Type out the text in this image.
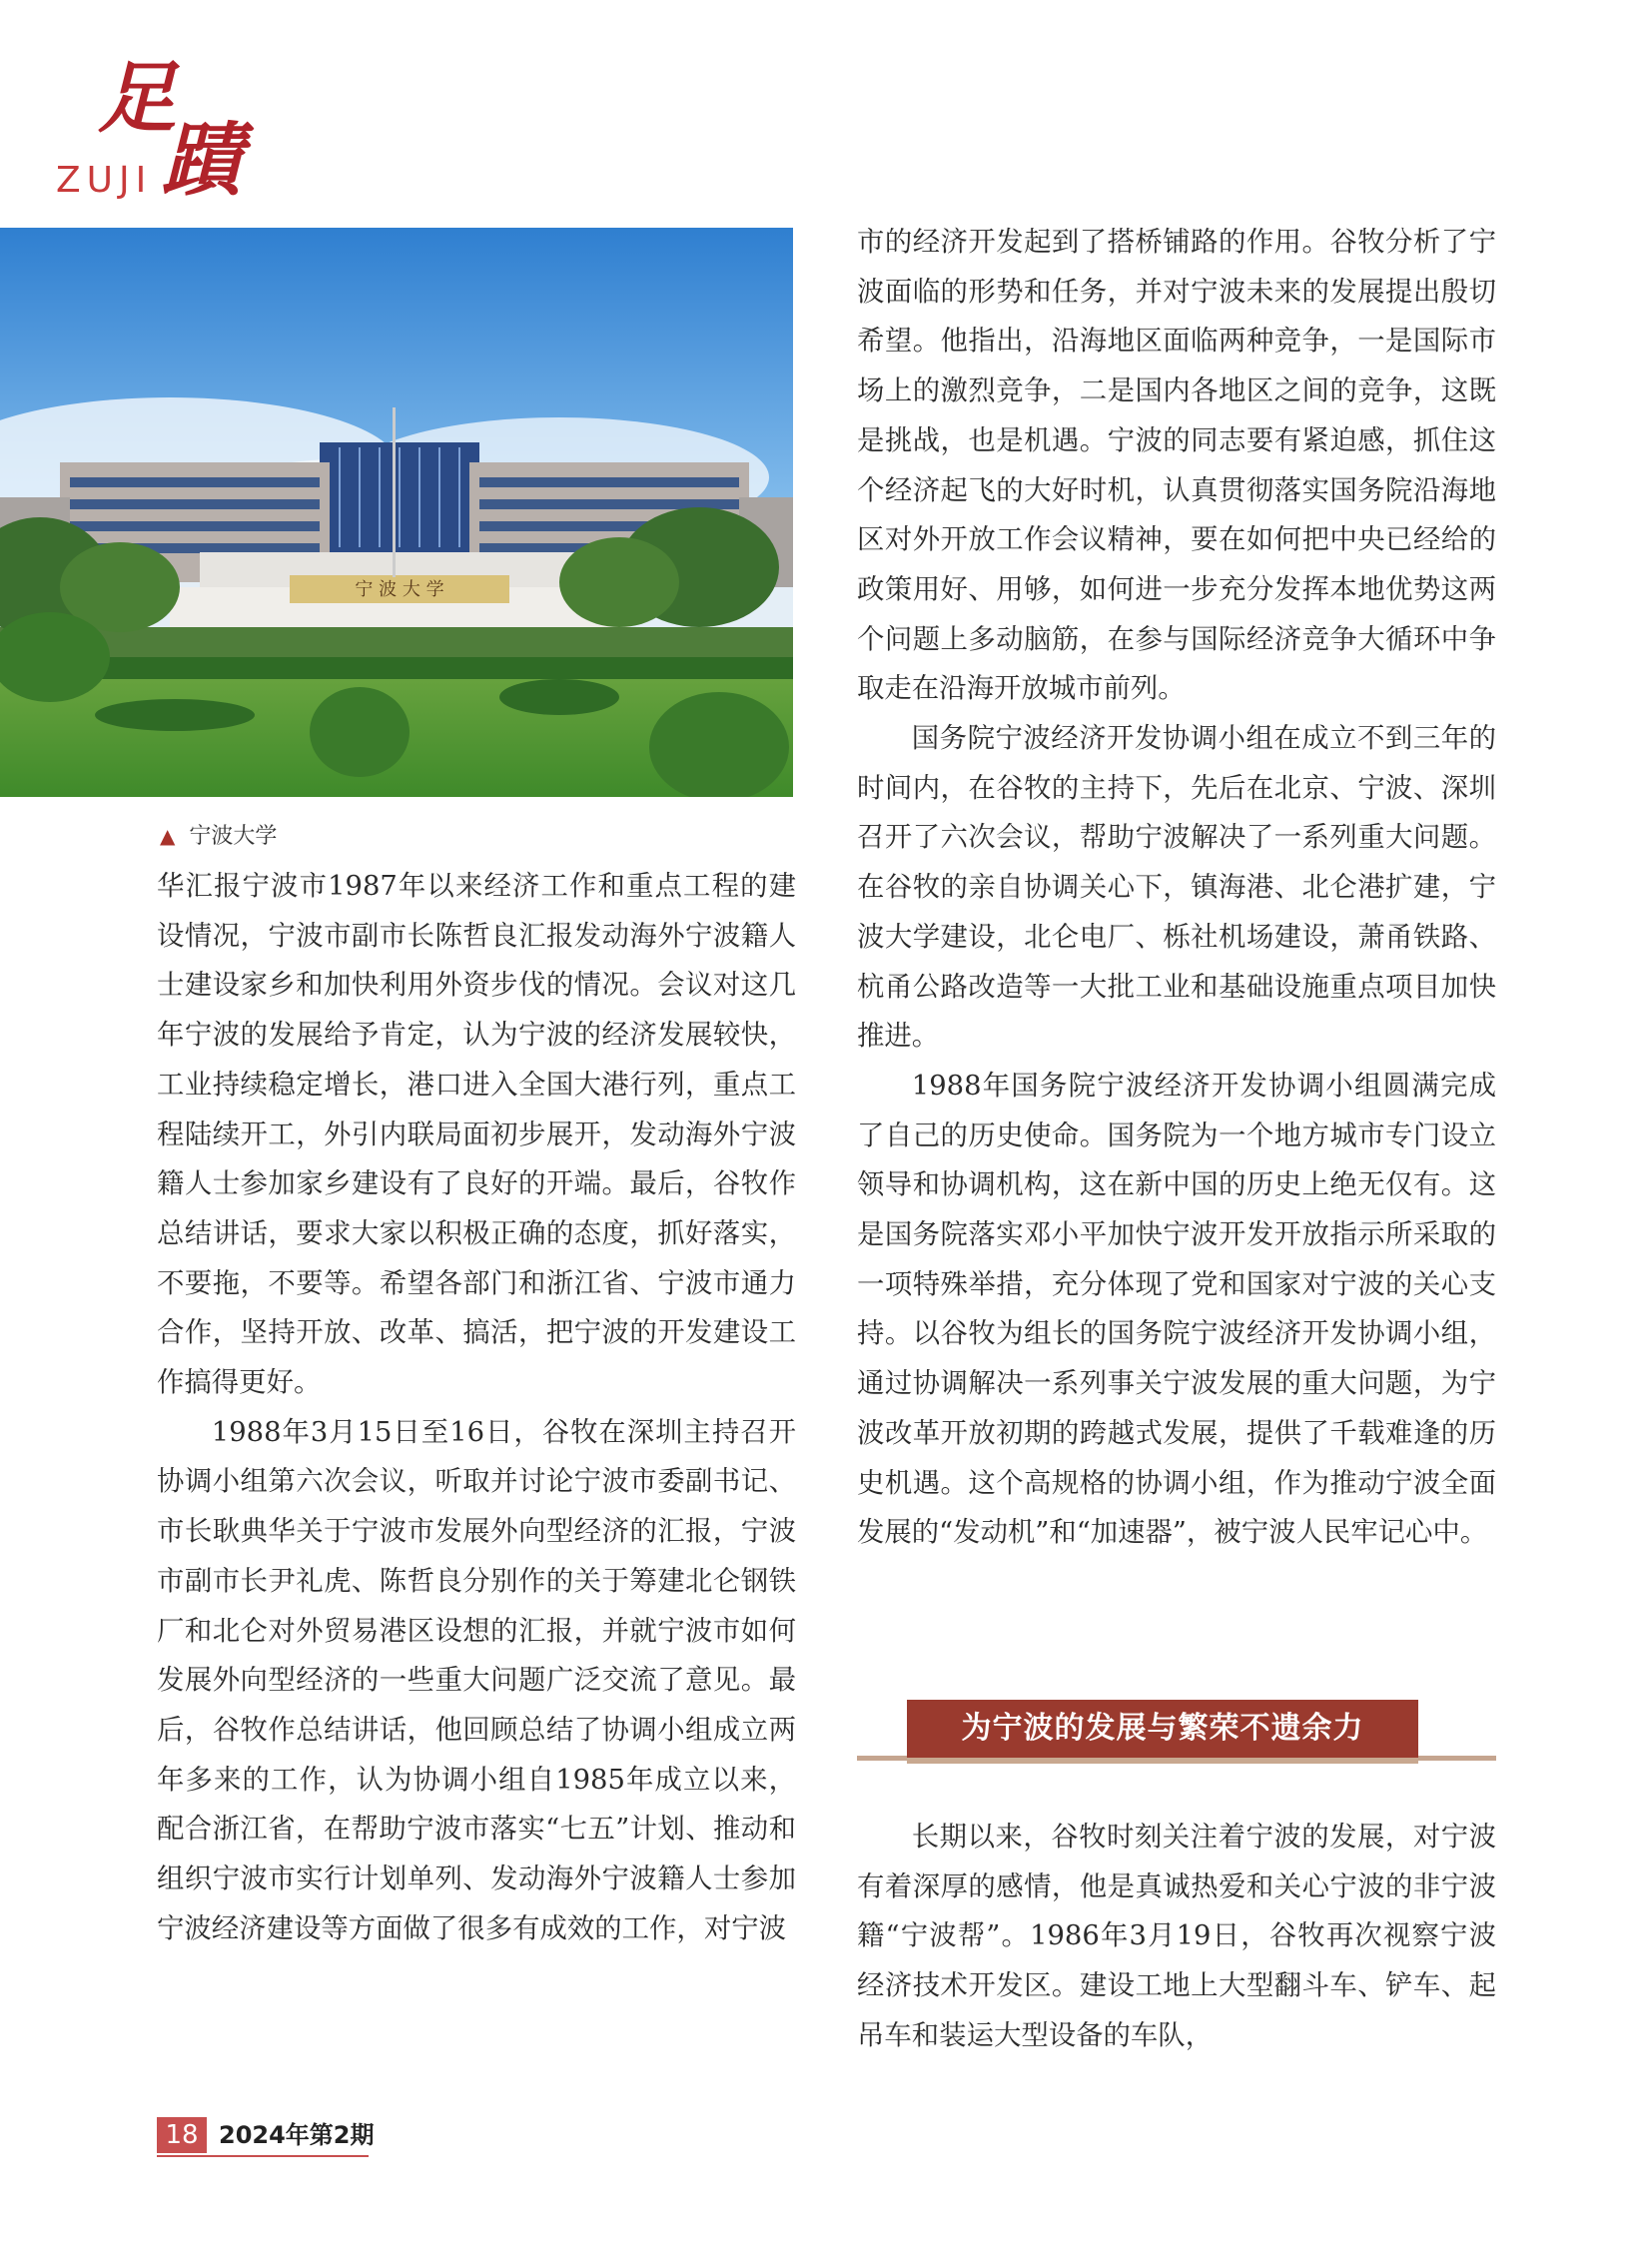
足
蹟
ZUJI
宁 波 大 学
▲ 宁波大学

华汇报宁波市1987年以来经济工作和重点工程的建设情况，宁波市副市长陈哲良汇报发动海外宁波籍人士建设家乡和加快利用外资步伐的情况。会议对这几年宁波的发展给予肯定，认为宁波的经济发展较快，工业持续稳定增长，港口进入全国大港行列，重点工程陆续开工，外引内联局面初步展开，发动海外宁波籍人士参加家乡建设有了良好的开端。最后，谷牧作总结讲话，要求大家以积极正确的态度，抓好落实，不要拖，不要等。希望各部门和浙江省、宁波市通力合作，坚持开放、改革、搞活，把宁波的开发建设工作搞得更好。

1988年3月15日至16日，谷牧在深圳主持召开协调小组第六次会议，听取并讨论宁波市委副书记、市长耿典华关于宁波市发展外向型经济的汇报，宁波市副市长尹礼虎、陈哲良分别作的关于筹建北仑钢铁厂和北仑对外贸易港区设想的汇报，并就宁波市如何发展外向型经济的一些重大问题广泛交流了意见。最后，谷牧作总结讲话，他回顾总结了协调小组成立两年多来的工作，认为协调小组自1985年成立以来，配合浙江省，在帮助宁波市落实“七五”计划、推动和组织宁波市实行计划单列、发动海外宁波籍人士参加宁波经济建设等方面做了很多有成效的工作，对宁波

市的经济开发起到了搭桥铺路的作用。谷牧分析了宁波面临的形势和任务，并对宁波未来的发展提出殷切希望。他指出，沿海地区面临两种竞争，一是国际市场上的激烈竞争，二是国内各地区之间的竞争，这既是挑战，也是机遇。宁波的同志要有紧迫感，抓住这个经济起飞的大好时机，认真贯彻落实国务院沿海地区对外开放工作会议精神，要在如何把中央已经给的政策用好、用够，如何进一步充分发挥本地优势这两个问题上多动脑筋，在参与国际经济竞争大循环中争取走在沿海开放城市前列。

国务院宁波经济开发协调小组在成立不到三年的时间内，在谷牧的主持下，先后在北京、宁波、深圳召开了六次会议，帮助宁波解决了一系列重大问题。在谷牧的亲自协调关心下，镇海港、北仑港扩建，宁波大学建设，北仑电厂、栎社机场建设，萧甬铁路、杭甬公路改造等一大批工业和基础设施重点项目加快推进。

1988年国务院宁波经济开发协调小组圆满完成了自己的历史使命。国务院为一个地方城市专门设立领导和协调机构，这在新中国的历史上绝无仅有。这是国务院落实邓小平加快宁波开发开放指示所采取的一项特殊举措，充分体现了党和国家对宁波的关心支持。以谷牧为组长的国务院宁波经济开发协调小组，通过协调解决一系列事关宁波发展的重大问题，为宁波改革开放初期的跨越式发展，提供了千载难逢的历史机遇。这个高规格的协调小组，作为推动宁波全面发展的“发动机”和“加速器”，被宁波人民牢记心中。

为宁波的发展与繁荣不遗余力

长期以来，谷牧时刻关注着宁波的发展，对宁波有着深厚的感情，他是真诚热爱和关心宁波的非宁波籍“宁波帮”。1986年3月19日，谷牧再次视察宁波经济技术开发区。建设工地上大型翻斗车、铲车、起吊车和装运大型设备的车队，

18 2024年第2期
